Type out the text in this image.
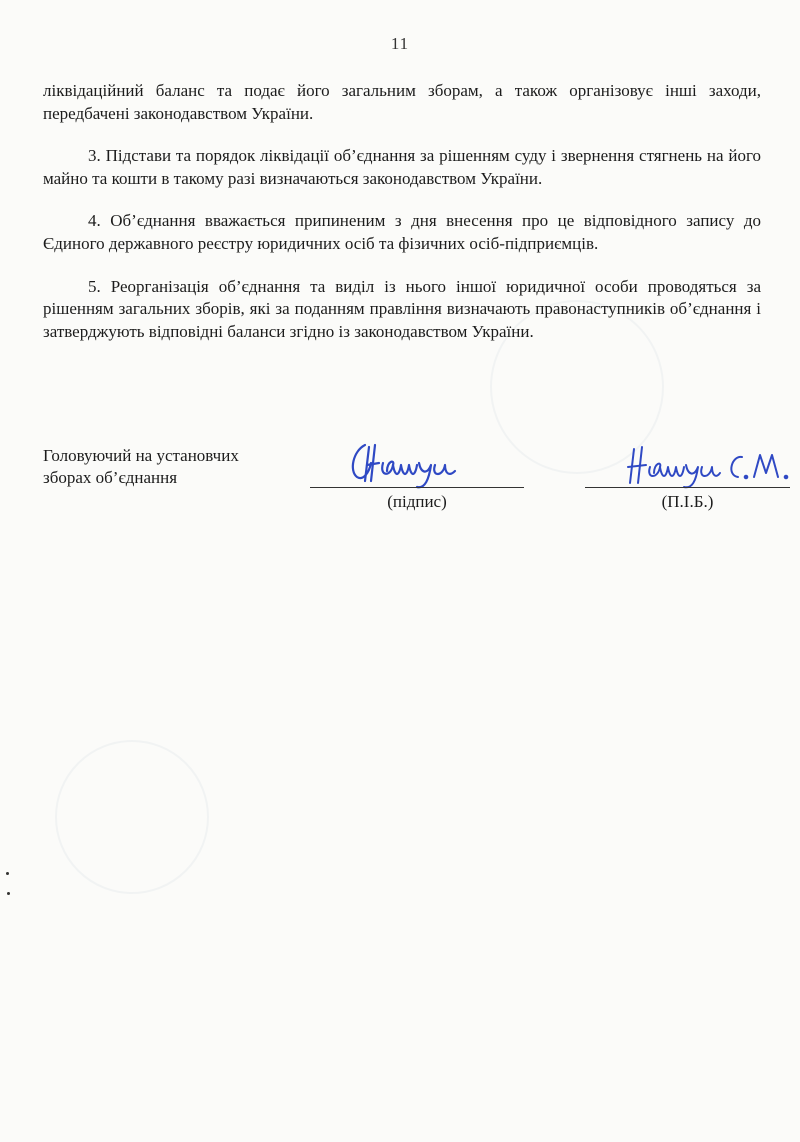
11

ліквідаційний баланс та подає його загальним зборам, а також організовує інші заходи, передбачені законодавством України.

3. Підстави та порядок ліквідації об’єднання за рішенням суду і звернення стягнень на його майно та кошти в такому разі визначаються законодавством України.

4. Об’єднання вважається припиненим з дня внесення про це відповідного запису до Єдиного державного реєстру юридичних осіб та фізичних осіб-підприємців.

5. Реорганізація об’єднання та виділ із нього іншої юридичної особи проводяться за рішенням загальних зборів, які за поданням правління визначають правонаступників об’єднання і затверджують відповідні баланси згідно із законодавством України.

Головуючий на установчих
зборах об’єднання
(підпис)	(П.І.Б.)
